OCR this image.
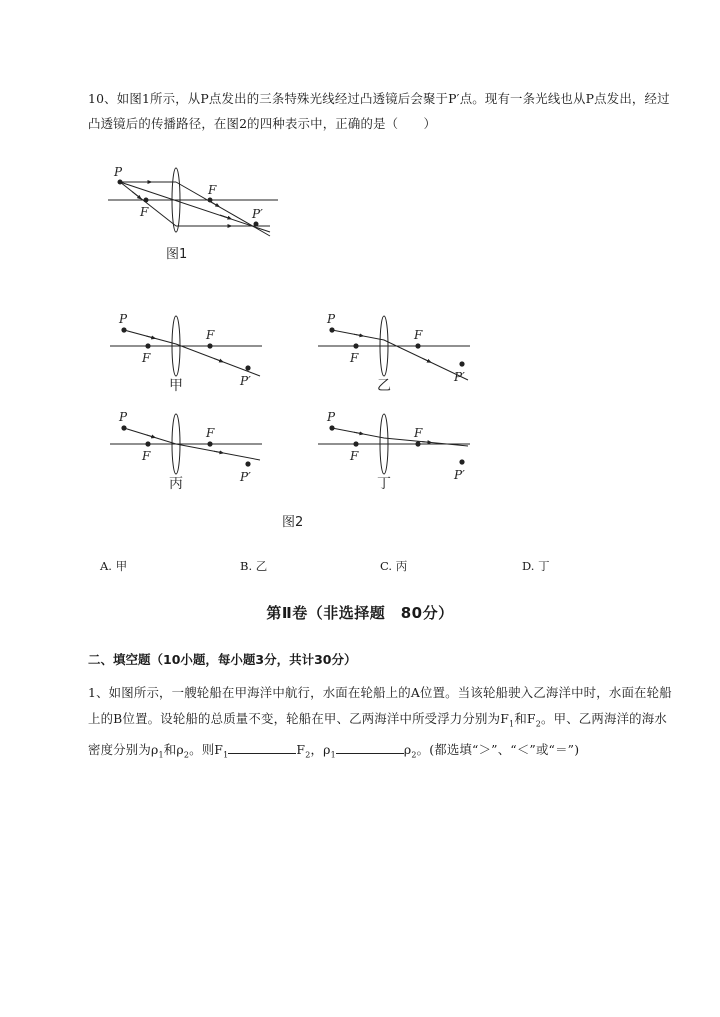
10、如图1所示，从P点发出的三条特殊光线经过凸透镜后会聚于P′点。现有一条光线也从P点发出，经过凸透镜后的传播路径，在图2的四种表示中，正确的是（　　）
P
F
F
P′
图1
P
F
F
P′
甲
P
F
F
P′
乙
P
F
F
P′
丙
P
F
F
P′
丁
图2
A. 甲	B. 乙	C. 丙	D. 丁
第Ⅱ卷（非选择题　80分）
二、填空题（10小题，每小题3分，共计30分）
1、如图所示，一艘轮船在甲海洋中航行，水面在轮船上的A位置。当该轮船驶入乙海洋中时，水面在轮船上的B位置。设轮船的总质量不变，轮船在甲、乙两海洋中所受浮力分别为$F_1$和$F_2$。甲、乙两海洋的海水密度分别为$\rho_1$和$\rho_2$。则$F_1$	$F_2$，$\rho_1$	$\rho_2$。(都选填“＞”、“＜”或“＝”)
